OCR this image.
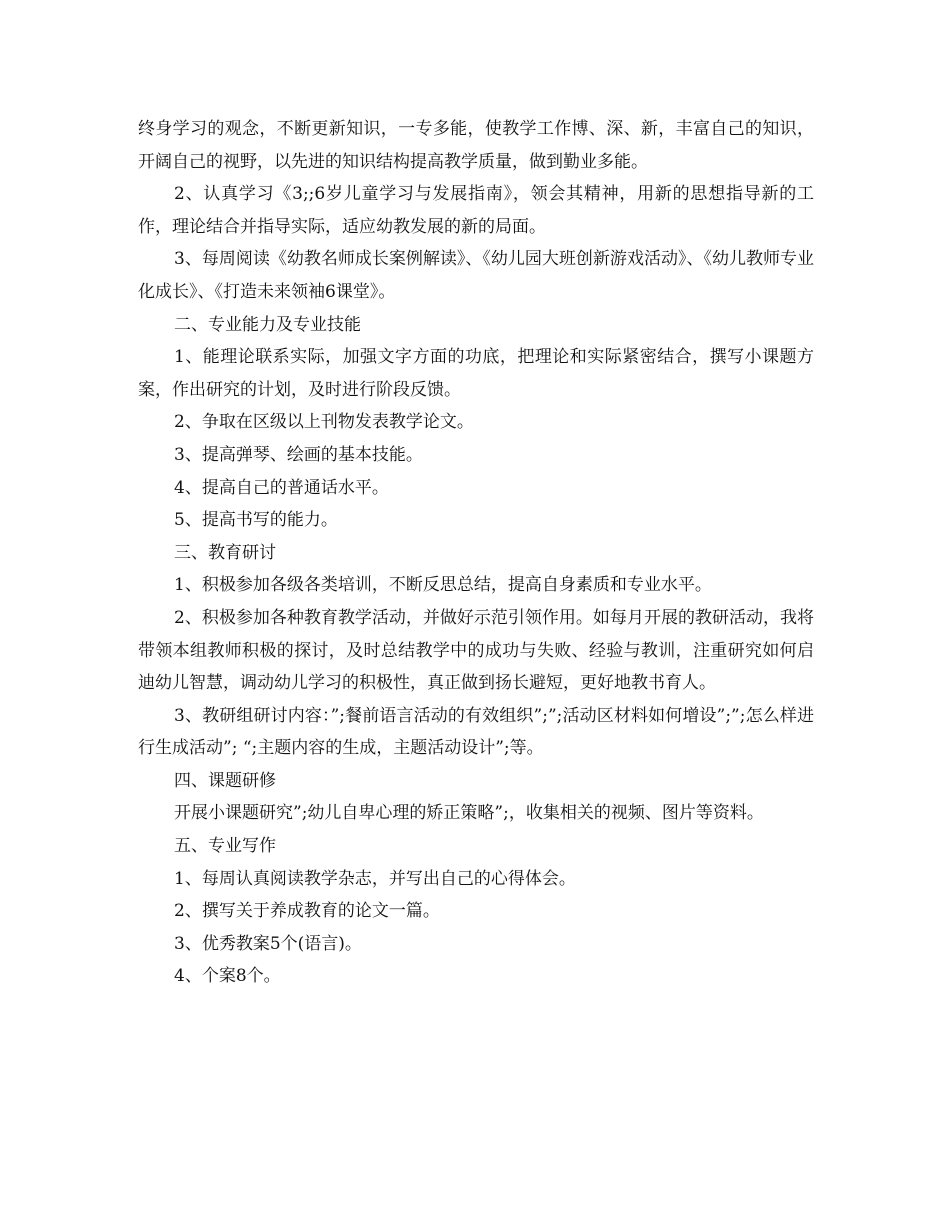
终身学习的观念，不断更新知识，一专多能，使教学工作博、深、新，丰富自己的知识，开阔自己的视野，以先进的知识结构提高教学质量，做到勤业多能。

2、认真学习《3;;6岁儿童学习与发展指南》，领会其精神，用新的思想指导新的工作，理论结合并指导实际，适应幼教发展的新的局面。

3、每周阅读《幼教名师成长案例解读》、《幼儿园大班创新游戏活动》、《幼儿教师专业化成长》、《打造未来领袖6课堂》。

二、专业能力及专业技能

1、能理论联系实际，加强文字方面的功底，把理论和实际紧密结合，撰写小课题方案，作出研究的计划，及时进行阶段反馈。

2、争取在区级以上刊物发表教学论文。

3、提高弹琴、绘画的基本技能。

4、提高自己的普通话水平。

5、提高书写的能力。

三、教育研讨

1、积极参加各级各类培训，不断反思总结，提高自身素质和专业水平。

2、积极参加各种教育教学活动，并做好示范引领作用。如每月开展的教研活动，我将带领本组教师积极的探讨，及时总结教学中的成功与失败、经验与教训，注重研究如何启迪幼儿智慧，调动幼儿学习的积极性，真正做到扬长避短，更好地教书育人。

3、教研组研讨内容：”;餐前语言活动的有效组织”;”;活动区材料如何增设”;”;怎么样进行生成活动”; “;主题内容的生成，主题活动设计”;等。

四、课题研修

开展小课题研究”;幼儿自卑心理的矫正策略”;，收集相关的视频、图片等资料。

五、专业写作

1、每周认真阅读教学杂志，并写出自己的心得体会。

2、撰写关于养成教育的论文一篇。

3、优秀教案5个(语言)。

4、个案8个。
